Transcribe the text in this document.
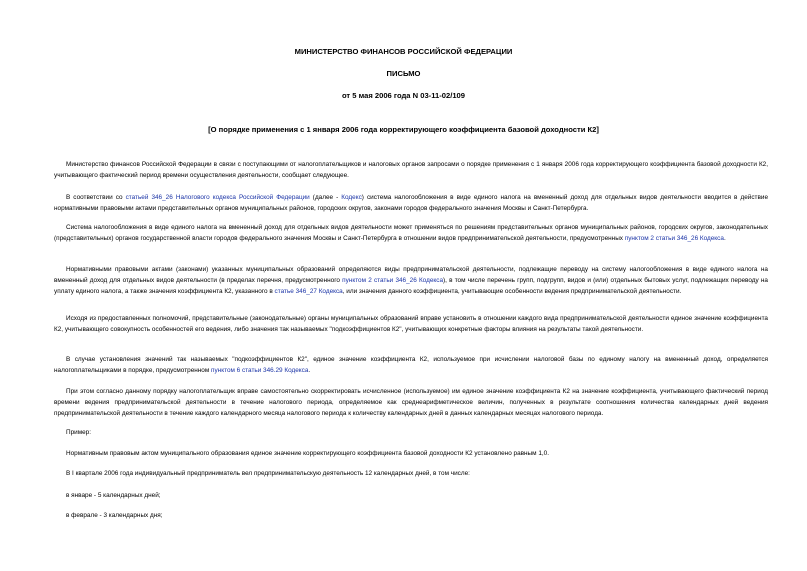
МИНИСТЕРСТВО ФИНАНСОВ РОССИЙСКОЙ ФЕДЕРАЦИИ
ПИСЬМО
от 5 мая 2006 года N 03-11-02/109
[О порядке применения с 1 января 2006 года корректирующего коэффициента базовой доходности К2]
Министерство финансов Российской Федерации в связи с поступающими от налогоплательщиков и налоговых органов запросами о порядке применения с 1 января 2006 года корректирующего коэффициента базовой доходности К2, учитывающего фактический период времени осуществления деятельности, сообщает следующее.
В соответствии со статьей 346_26 Налогового кодекса Российской Федерации (далее - Кодекс) система налогообложения в виде единого налога на вмененный доход для отдельных видов деятельности вводится в действие нормативными правовыми актами представительных органов муниципальных районов, городских округов, законами городов федерального значения Москвы и Санкт-Петербурга.
Система налогообложения в виде единого налога на вмененный доход для отдельных видов деятельности может применяться по решениям представительных органов муниципальных районов, городских округов, законодательных (представительных) органов государственной власти городов федерального значения Москвы и Санкт-Петербурга в отношении видов предпринимательской деятельности, предусмотренных пунктом 2 статьи 346_26 Кодекса.
Нормативными правовыми актами (законами) указанных муниципальных образований определяются виды предпринимательской деятельности, подлежащие переводу на систему налогообложения в виде единого налога на вмененный доход для отдельных видов деятельности (в пределах перечня, предусмотренного пунктом 2 статьи 346_26 Кодекса), в том числе перечень групп, подгрупп, видов и (или) отдельных бытовых услуг, подлежащих переводу на уплату единого налога, а также значения коэффициента К2, указанного в статье 346_27 Кодекса, или значения данного коэффициента, учитывающие особенности ведения предпринимательской деятельности.
Исходя из предоставленных полномочий, представительные (законодательные) органы муниципальных образований вправе установить в отношении каждого вида предпринимательской деятельности единое значение коэффициента К2, учитывающего совокупность особенностей его ведения, либо значения так называемых "подкоэффициентов К2", учитывающих конкретные факторы влияния на результаты такой деятельности.
В случае установления значений так называемых "подкоэффициентов К2", единое значение коэффициента К2, используемое при исчислении налоговой базы по единому налогу на вмененный доход, определяется налогоплательщиками в порядке, предусмотренном пунктом 6 статьи 346.29 Кодекса.
При этом согласно данному порядку налогоплательщик вправе самостоятельно скорректировать исчисленное (используемое) им единое значение коэффициента К2 на значение коэффициента, учитывающего фактический период времени ведения предпринимательской деятельности в течение налогового периода, определяемое как среднеарифметическое величин, полученных в результате соотношения количества календарных дней ведения предпринимательской деятельности в течение каждого календарного месяца налогового периода к количеству календарных дней в данных календарных месяцах налогового периода.
Пример:
Нормативным правовым актом муниципального образования единое значение корректирующего коэффициента базовой доходности К2 установлено равным 1,0.
В I квартале 2006 года индивидуальный предприниматель вел предпринимательскую деятельность 12 календарных дней, в том числе:
в январе - 5 календарных дней;
в феврале - 3 календарных дня;
